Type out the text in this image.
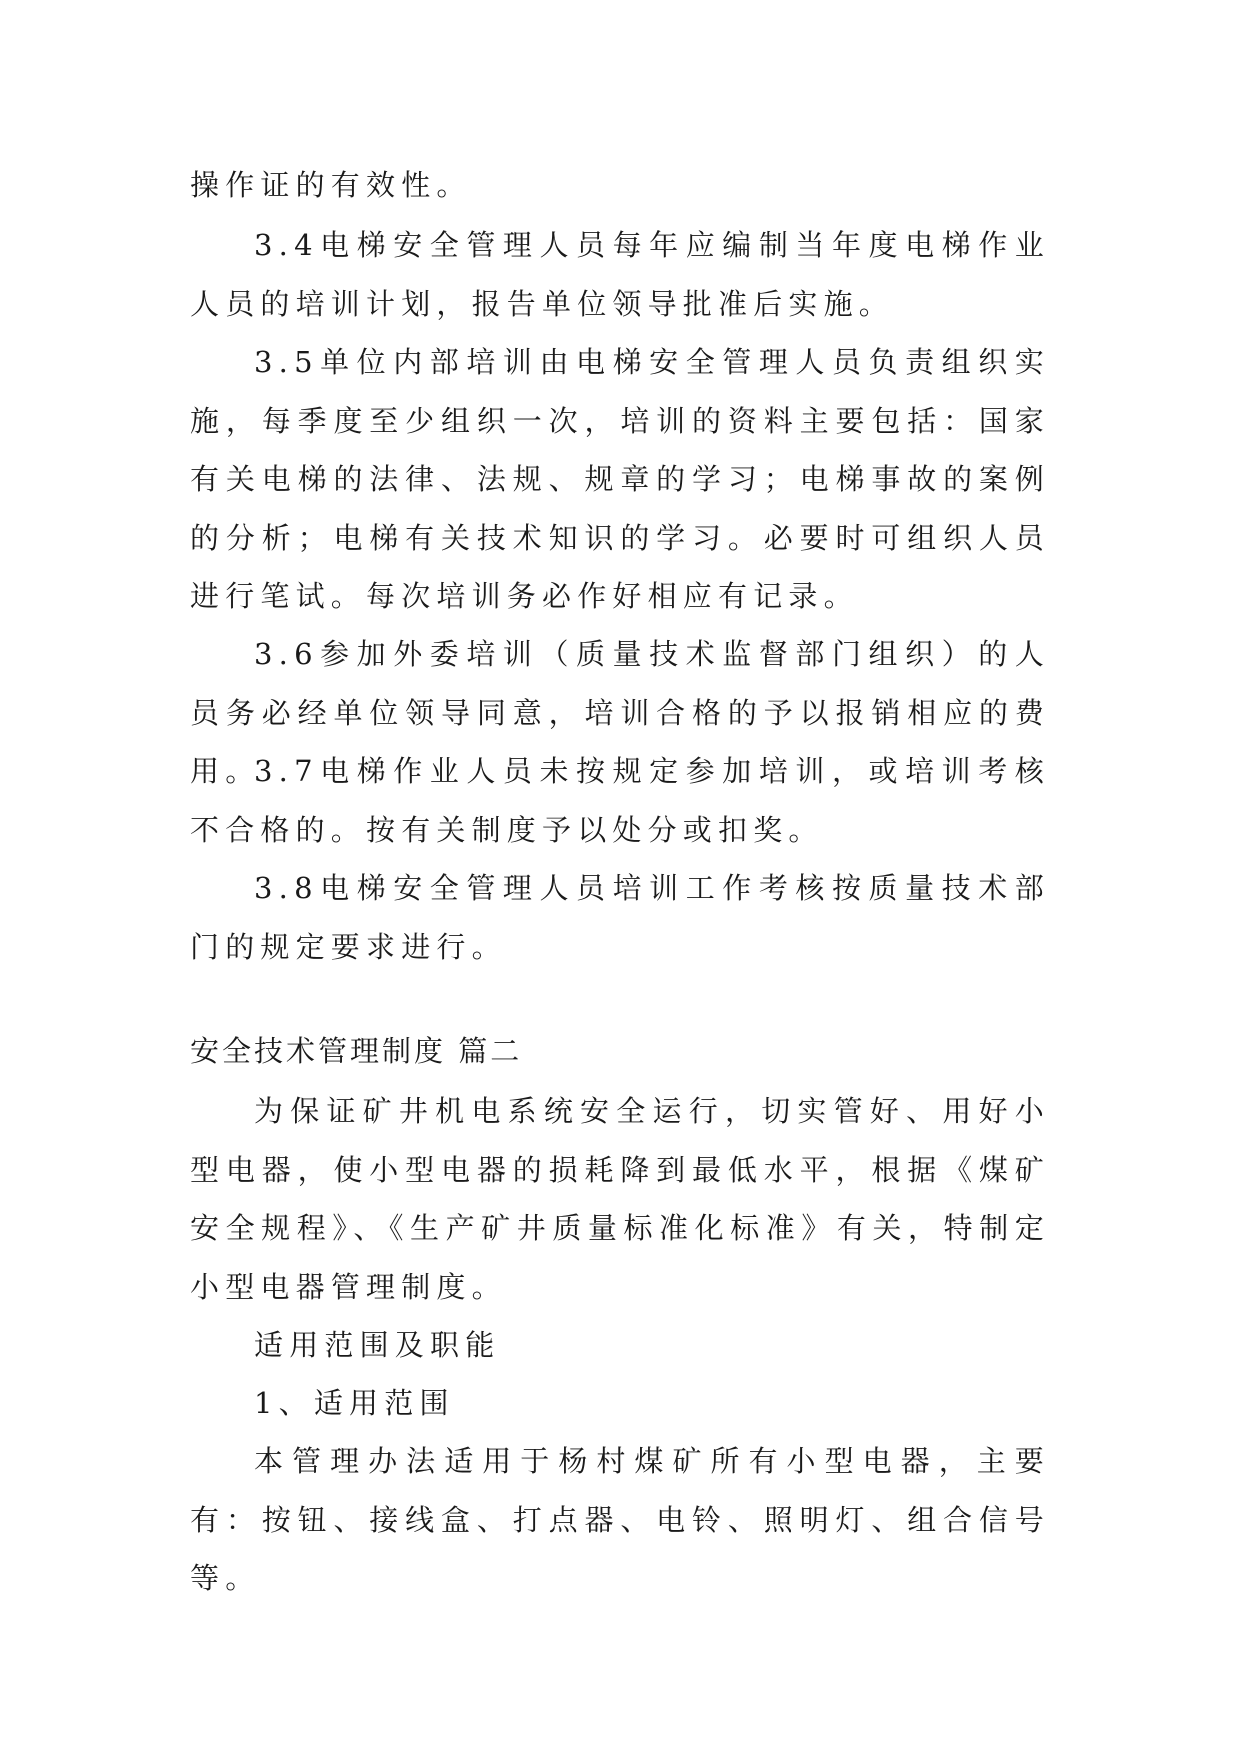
操作证的有效性。

3.4电梯安全管理人员每年应编制当年度电梯作业人员的培训计划，报告单位领导批准后实施。

3.5单位内部培训由电梯安全管理人员负责组织实施，每季度至少组织一次，培训的资料主要包括：国家有关电梯的法律、法规、规章的学习；电梯事故的案例的分析；电梯有关技术知识的学习。必要时可组织人员进行笔试。每次培训务必作好相应有记录。

3.6参加外委培训（质量技术监督部门组织）的人员务必经单位领导同意，培训合格的予以报销相应的费用。

3.7电梯作业人员未按规定参加培训，或培训考核不合格的。按有关制度予以处分或扣奖。

3.8电梯安全管理人员培训工作考核按质量技术部门的规定要求进行。

安全技术管理制度 篇二

为保证矿井机电系统安全运行，切实管好、用好小型电器，使小型电器的损耗降到最低水平，根据《煤矿安全规程》、《生产矿井质量标准化标准》有关，特制定小型电器管理制度。

适用范围及职能

1、适用范围

本管理办法适用于杨村煤矿所有小型电器，主要有：按钮、接线盒、打点器、电铃、照明灯、组合信号等。
